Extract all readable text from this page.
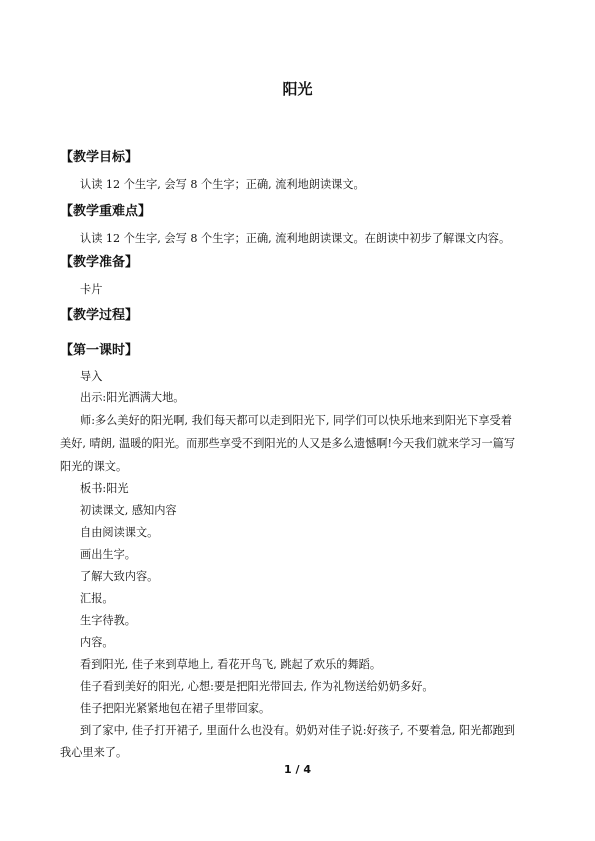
阳光
【教学目标】
认读 12 个生字, 会写 8 个生字；正确, 流利地朗读课文。
【教学重难点】
认读 12 个生字, 会写 8 个生字；正确, 流利地朗读课文。在朗读中初步了解课文内容。
【教学准备】
卡片
【教学过程】
【第一课时】
导入
出示:阳光洒满大地。
师:多么美好的阳光啊, 我们每天都可以走到阳光下, 同学们可以快乐地来到阳光下享受着
美好, 晴朗, 温暖的阳光。而那些享受不到阳光的人又是多么遗憾啊!今天我们就来学习一篇写
阳光的课文。
板书:阳光
初读课文, 感知内容
自由阅读课文。
画出生字。
了解大致内容。
汇报。
生字待教。
内容。
看到阳光, 佳子来到草地上, 看花开鸟飞, 跳起了欢乐的舞蹈。
佳子看到美好的阳光, 心想:要是把阳光带回去, 作为礼物送给奶奶多好。
佳子把阳光紧紧地包在裙子里带回家。
到了家中, 佳子打开裙子, 里面什么也没有。奶奶对佳子说:好孩子, 不要着急, 阳光都跑到
我心里来了。
1 / 4
